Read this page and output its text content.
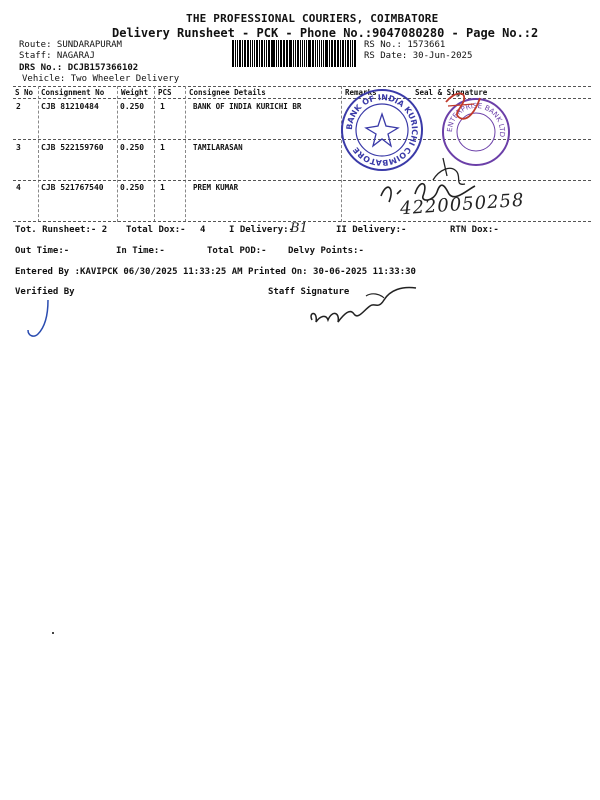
THE PROFESSIONAL COURIERS, COIMBATORE
Delivery Runsheet - PCK - Phone No.:9047080280 - Page No.:2
Route: SUNDARAPURAM
Staff: NAGARAJ
DRS No.: DCJB157366102
Vehicle: Two Wheeler Delivery
RS No.: 1573661
RS Date: 30-Jun-2025
S No Consignment No Weight PCS Consignee Details	Remarks	Seal & Signature
2	CJB 81210484	0.250 1	BANK OF INDIA KURICHI BR
3	CJB 522159760 0.250 1	TAMILARASAN
4	CJB 521767540 0.250 1	PREM KUMAR
BANK OF INDIA KURICHI COIMBATORE
ENTERPRISE BANK LTD
4220050258
Tot. Runsheet:- 2 Total Dox:- 4	I Delivery:-
B1	II Delivery:-	RTN Dox:-
Out Time:-	In Time:-	Total POD:- Delvy Points:-
Entered By :KAVIPCK 06/30/2025 11:33:25 AM Printed On: 30-06-2025 11:33:30
Verified By	Staff Signature
